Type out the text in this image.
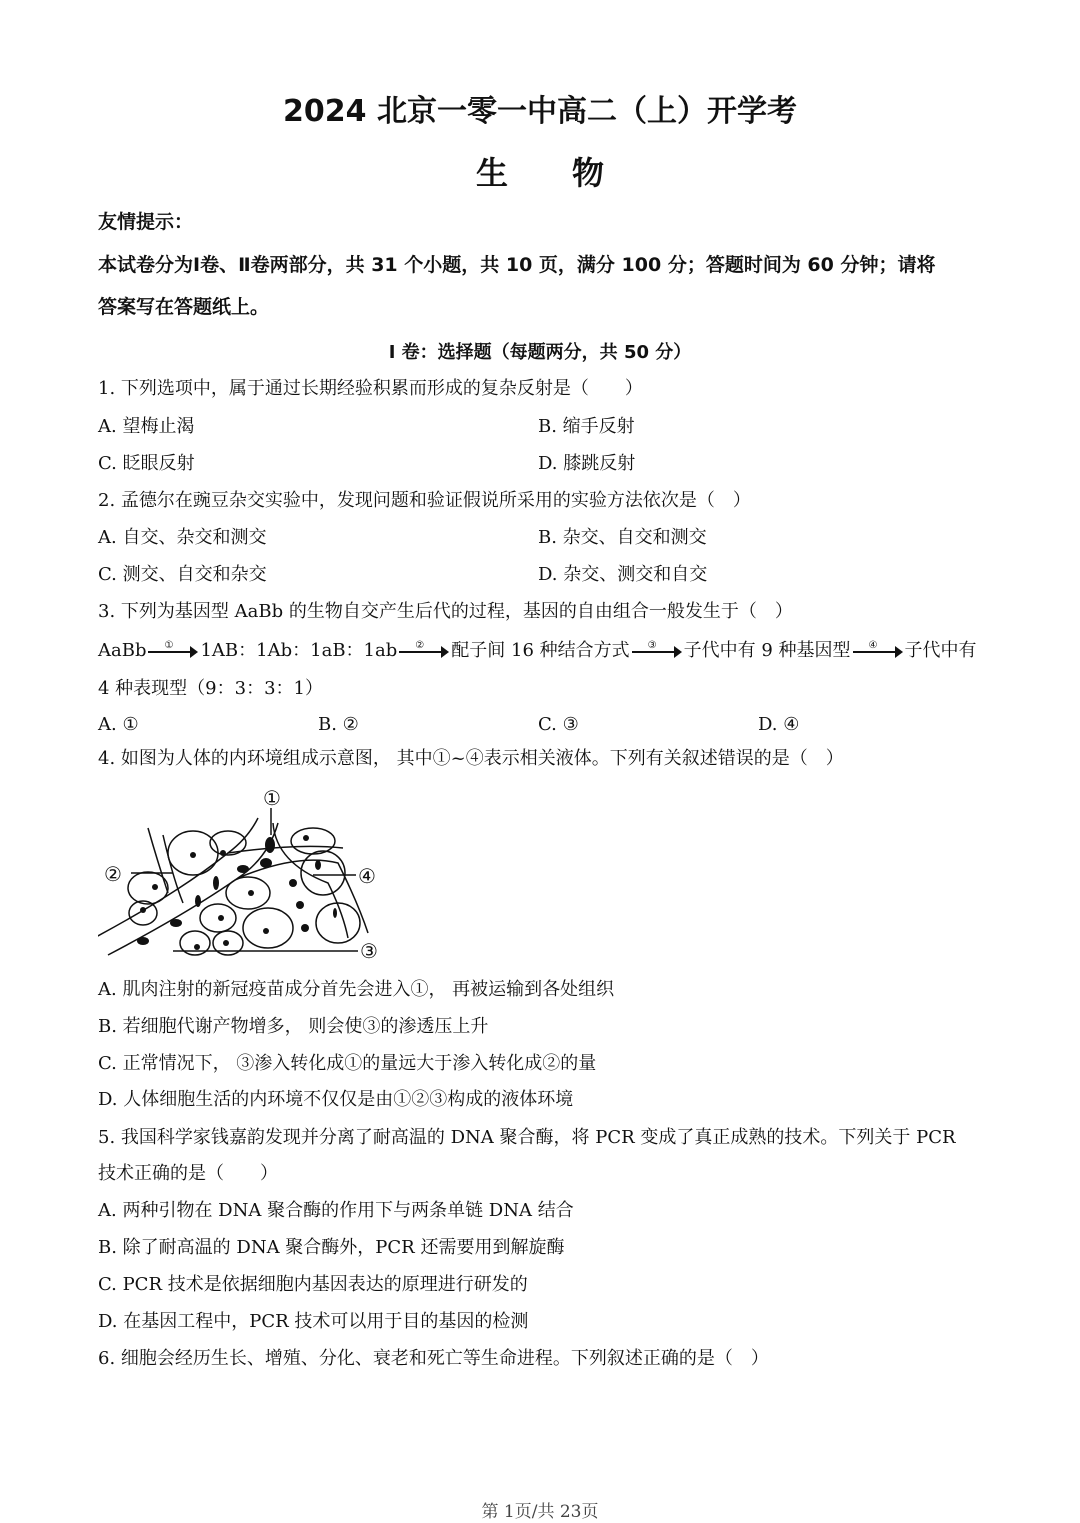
2024 北京一零一中高二（上）开学考
生　　物
友情提示：
本试卷分为Ⅰ卷、Ⅱ卷两部分，共 31 个小题，共 10 页，满分 100 分；答题时间为 60 分钟；请将
答案写在答题纸上。
Ⅰ 卷：选择题（每题两分，共 50 分）
1. 下列选项中，属于通过长期经验积累而形成的复杂反射是（　　）
A. 望梅止渴	B. 缩手反射
C. 眨眼反射	D. 膝跳反射
2. 孟德尔在豌豆杂交实验中，发现问题和验证假说所采用的实验方法依次是（　）
A. 自交、杂交和测交	B. 杂交、自交和测交
C. 测交、自交和杂交	D. 杂交、测交和自交
3. 下列为基因型 AaBb 的生物自交产生后代的过程，基因的自由组合一般发生于（　）
AaBb ① 1AB：1Ab：1aB：1ab ② 配子间 16 种结合方式 ③ 子代中有 9 种基因型 ④ 子代中有
4 种表现型（9：3：3：1）
A. ①	B. ②	C. ③	D. ④
4. 如图为人体的内环境组成示意图， 其中①~④表示相关液体。下列有关叙述错误的是（　）
①
②	④
③
A. 肌肉注射的新冠疫苗成分首先会进入①， 再被运输到各处组织
B. 若细胞代谢产物增多， 则会使③的渗透压上升
C. 正常情况下， ③渗入转化成①的量远大于渗入转化成②的量
D. 人体细胞生活的内环境不仅仅是由①②③构成的液体环境
5. 我国科学家钱嘉韵发现并分离了耐高温的 DNA 聚合酶，将 PCR 变成了真正成熟的技术。下列关于 PCR
技术正确的是（　　）
A. 两种引物在 DNA 聚合酶的作用下与两条单链 DNA 结合
B. 除了耐高温的 DNA 聚合酶外，PCR 还需要用到解旋酶
C. PCR 技术是依据细胞内基因表达的原理进行研发的
D. 在基因工程中，PCR 技术可以用于目的基因的检测
6. 细胞会经历生长、增殖、分化、衰老和死亡等生命进程。下列叙述正确的是（　）
第 1页/共 23页
